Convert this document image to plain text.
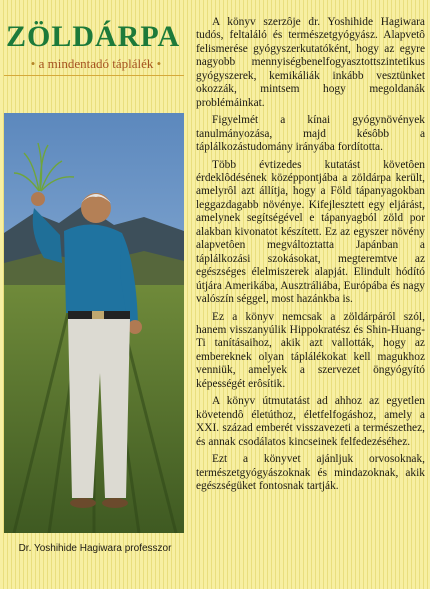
ZÖLDÁRPA
• a mindentadó táplálék •
Dr. Yoshihide Hagiwara professzor

A könyv szerzôje dr. Yoshihide Hagiwara tudós, feltaláló és természetgyógyász. Alapvetô felismerése gyógyszerkutatóként, hogy az egyre nagyobb mennyiségbenelfogyasztottszintetikus gyógyszerek, kemikáliák inkább vesztünket okozzák, mintsem hogy megoldanák problémáinkat.

Figyelmét a kínai gyógynövények tanulmányozása, majd késôbb a táplálkozástudomány irányába fordította.

Több évtizedes kutatást követôen érdeklôdésének középpontjába a zöldárpa került, amelyrôl azt állítja, hogy a Föld tápanyagokban leggazdagabb növénye. Kifejlesztett egy eljárást, amelynek segítségével e tápanyagból zöld por alakban kivonatot készített. Ez az egyszer növény alapvetôen megváltoztatta Japánban a táplálkozási szokásokat, megteremtve az egészséges élelmiszerek alapját. Elindult hódító útjára Amerikába, Ausztráliába, Európába és nagy valószín séggel, most hazánkba is.

Ez a könyv nemcsak a zöldárpáról szól, hanem visszanyúlik Hippokratész és Shin-Huang-Ti tanításaihoz, akik azt vallották, hogy az embereknek olyan táplálékokat kell magukhoz venniük, amelyek a szervezet öngyógyító képességét erôsítik.

A könyv útmutatást ad ahhoz az egyetlen követendô életúthoz, életfelfogáshoz, amely a XXI. század emberét visszavezeti a természethez, és annak csodálatos kincseinek felfedezéséhez.

Ezt a könyvet ajánljuk orvosoknak, természetgyógyászoknak és mindazoknak, akik egészségüket fontosnak tartják.
